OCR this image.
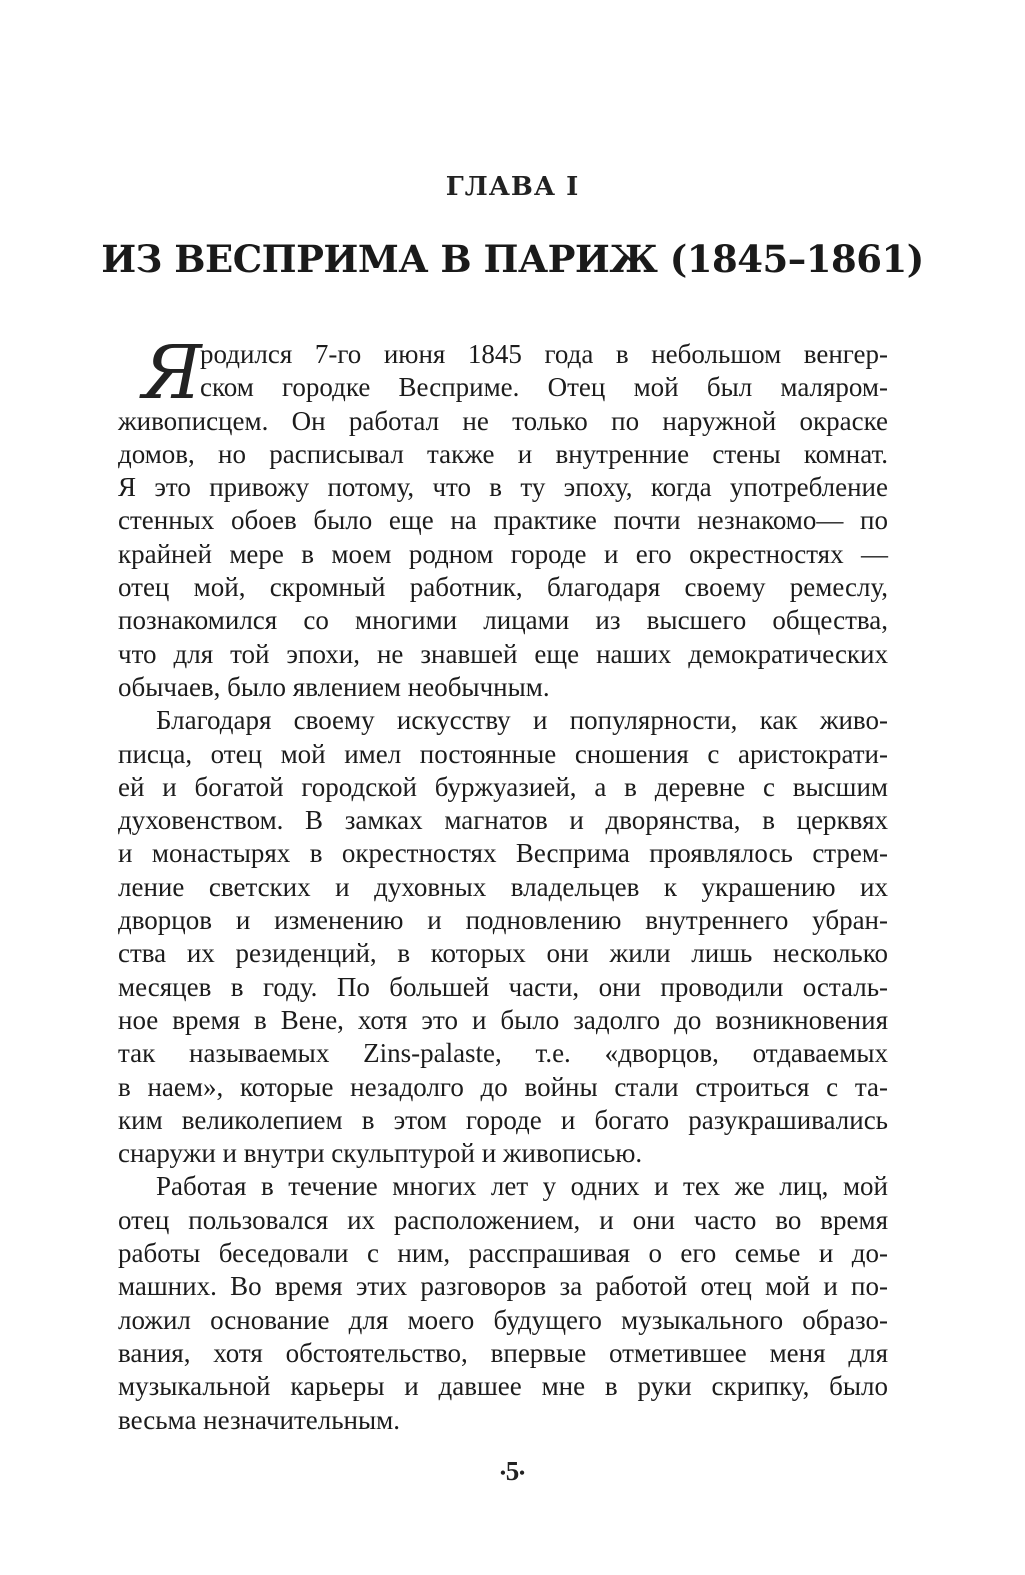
ГЛАВА I
ИЗ ВЕСПРИМА В ПАРИЖ (1845–1861)
Я
родился 7-го июня 1845 года в небольшом венгер-
ском городке Весприме. Отец мой был маляром-
живописцем. Он работал не только по наружной окраске
домов, но расписывал также и внутренние стены комнат.
Я это привожу потому, что в ту эпоху, когда употребление
стенных обоев было еще на практике почти незнакомо— по
крайней мере в моем родном городе и его окрестностях —
отец мой, скромный работник, благодаря своему ремеслу,
познакомился со многими лицами из высшего общества,
что для той эпохи, не знавшей еще наших демократических
обычаев, было явлением необычным.
Благодаря своему искусству и популярности, как живо-
писца, отец мой имел постоянные сношения с аристократи-
ей и богатой городской буржуазией, а в деревне с высшим
духовенством. В замках магнатов и дворянства, в церквях
и монастырях в окрестностях Весприма проявлялось стрем-
ление светских и духовных владельцев к украшению их
дворцов и изменению и подновлению внутреннего убран-
ства их резиденций, в которых они жили лишь несколько
месяцев в году. По большей части, они проводили осталь-
ное время в Вене, хотя это и было задолго до возникновения
так называемых Zins-palaste, т.е. «дворцов, отдаваемых
в наем», которые незадолго до войны стали строиться с та-
ким великолепием в этом городе и богато разукрашивались
снаружи и внутри скульптурой и живописью.
Работая в течение многих лет у одних и тех же лиц, мой
отец пользовался их расположением, и они часто во время
работы беседовали с ним, расспрашивая о его семье и до-
машних. Во время этих разговоров за работой отец мой и по-
ложил основание для моего будущего музыкального образо-
вания, хотя обстоятельство, впервые отметившее меня для
музыкальной карьеры и давшее мне в руки скрипку, было
весьма незначительным.
•5•
